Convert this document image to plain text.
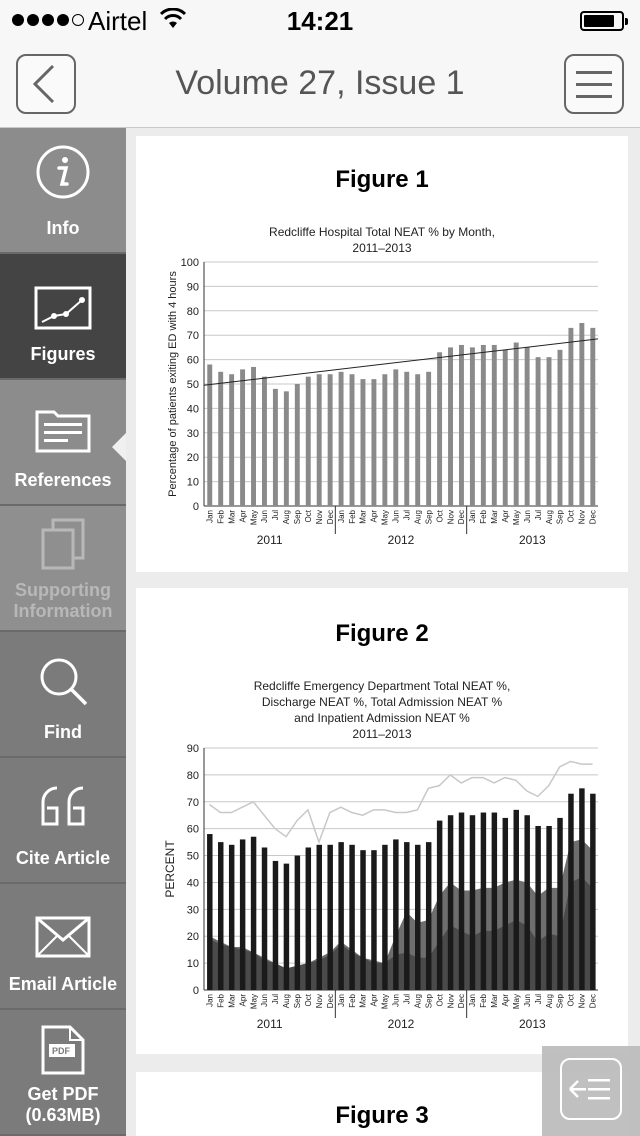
Airtel	14:21
Volume 27, Issue 1
Info
Figures
References
Supporting
Information
Find
Cite Article
Email Article
PDF
Get PDF
(0.63MB)
Figure 1
Redcliffe Hospital Total NEAT % by Month,
2011–2013
0
10
20
30
40
50
60
70
80
90
100
Jan Feb Mar Apr May Jun Jul Aug Sep Oct Nov Dec Jan Feb Mar Apr May Jun Jul Aug Sep Oct Nov Dec Jan Feb Mar Apr May Jun Jul Aug Sep Oct Nov Dec
2011	2012	2013
Percentage of patients exiting ED with 4 hours
Figure 2
Redcliffe Emergency Department Total NEAT %,
Discharge NEAT %, Total Admission NEAT %
and Inpatient Admission NEAT %
2011–2013
0
10
20
30
40
50
60
70
80
90
Jan Feb Mar Apr May Jun Jul Aug Sep Oct Nov Dec Jan Feb Mar Apr May Jun Jul Aug Sep Oct Nov Dec Jan Feb Mar Apr May Jun Jul Aug Sep Oct Nov Dec
2011	2012	2013
PERCENT
Figure 3
